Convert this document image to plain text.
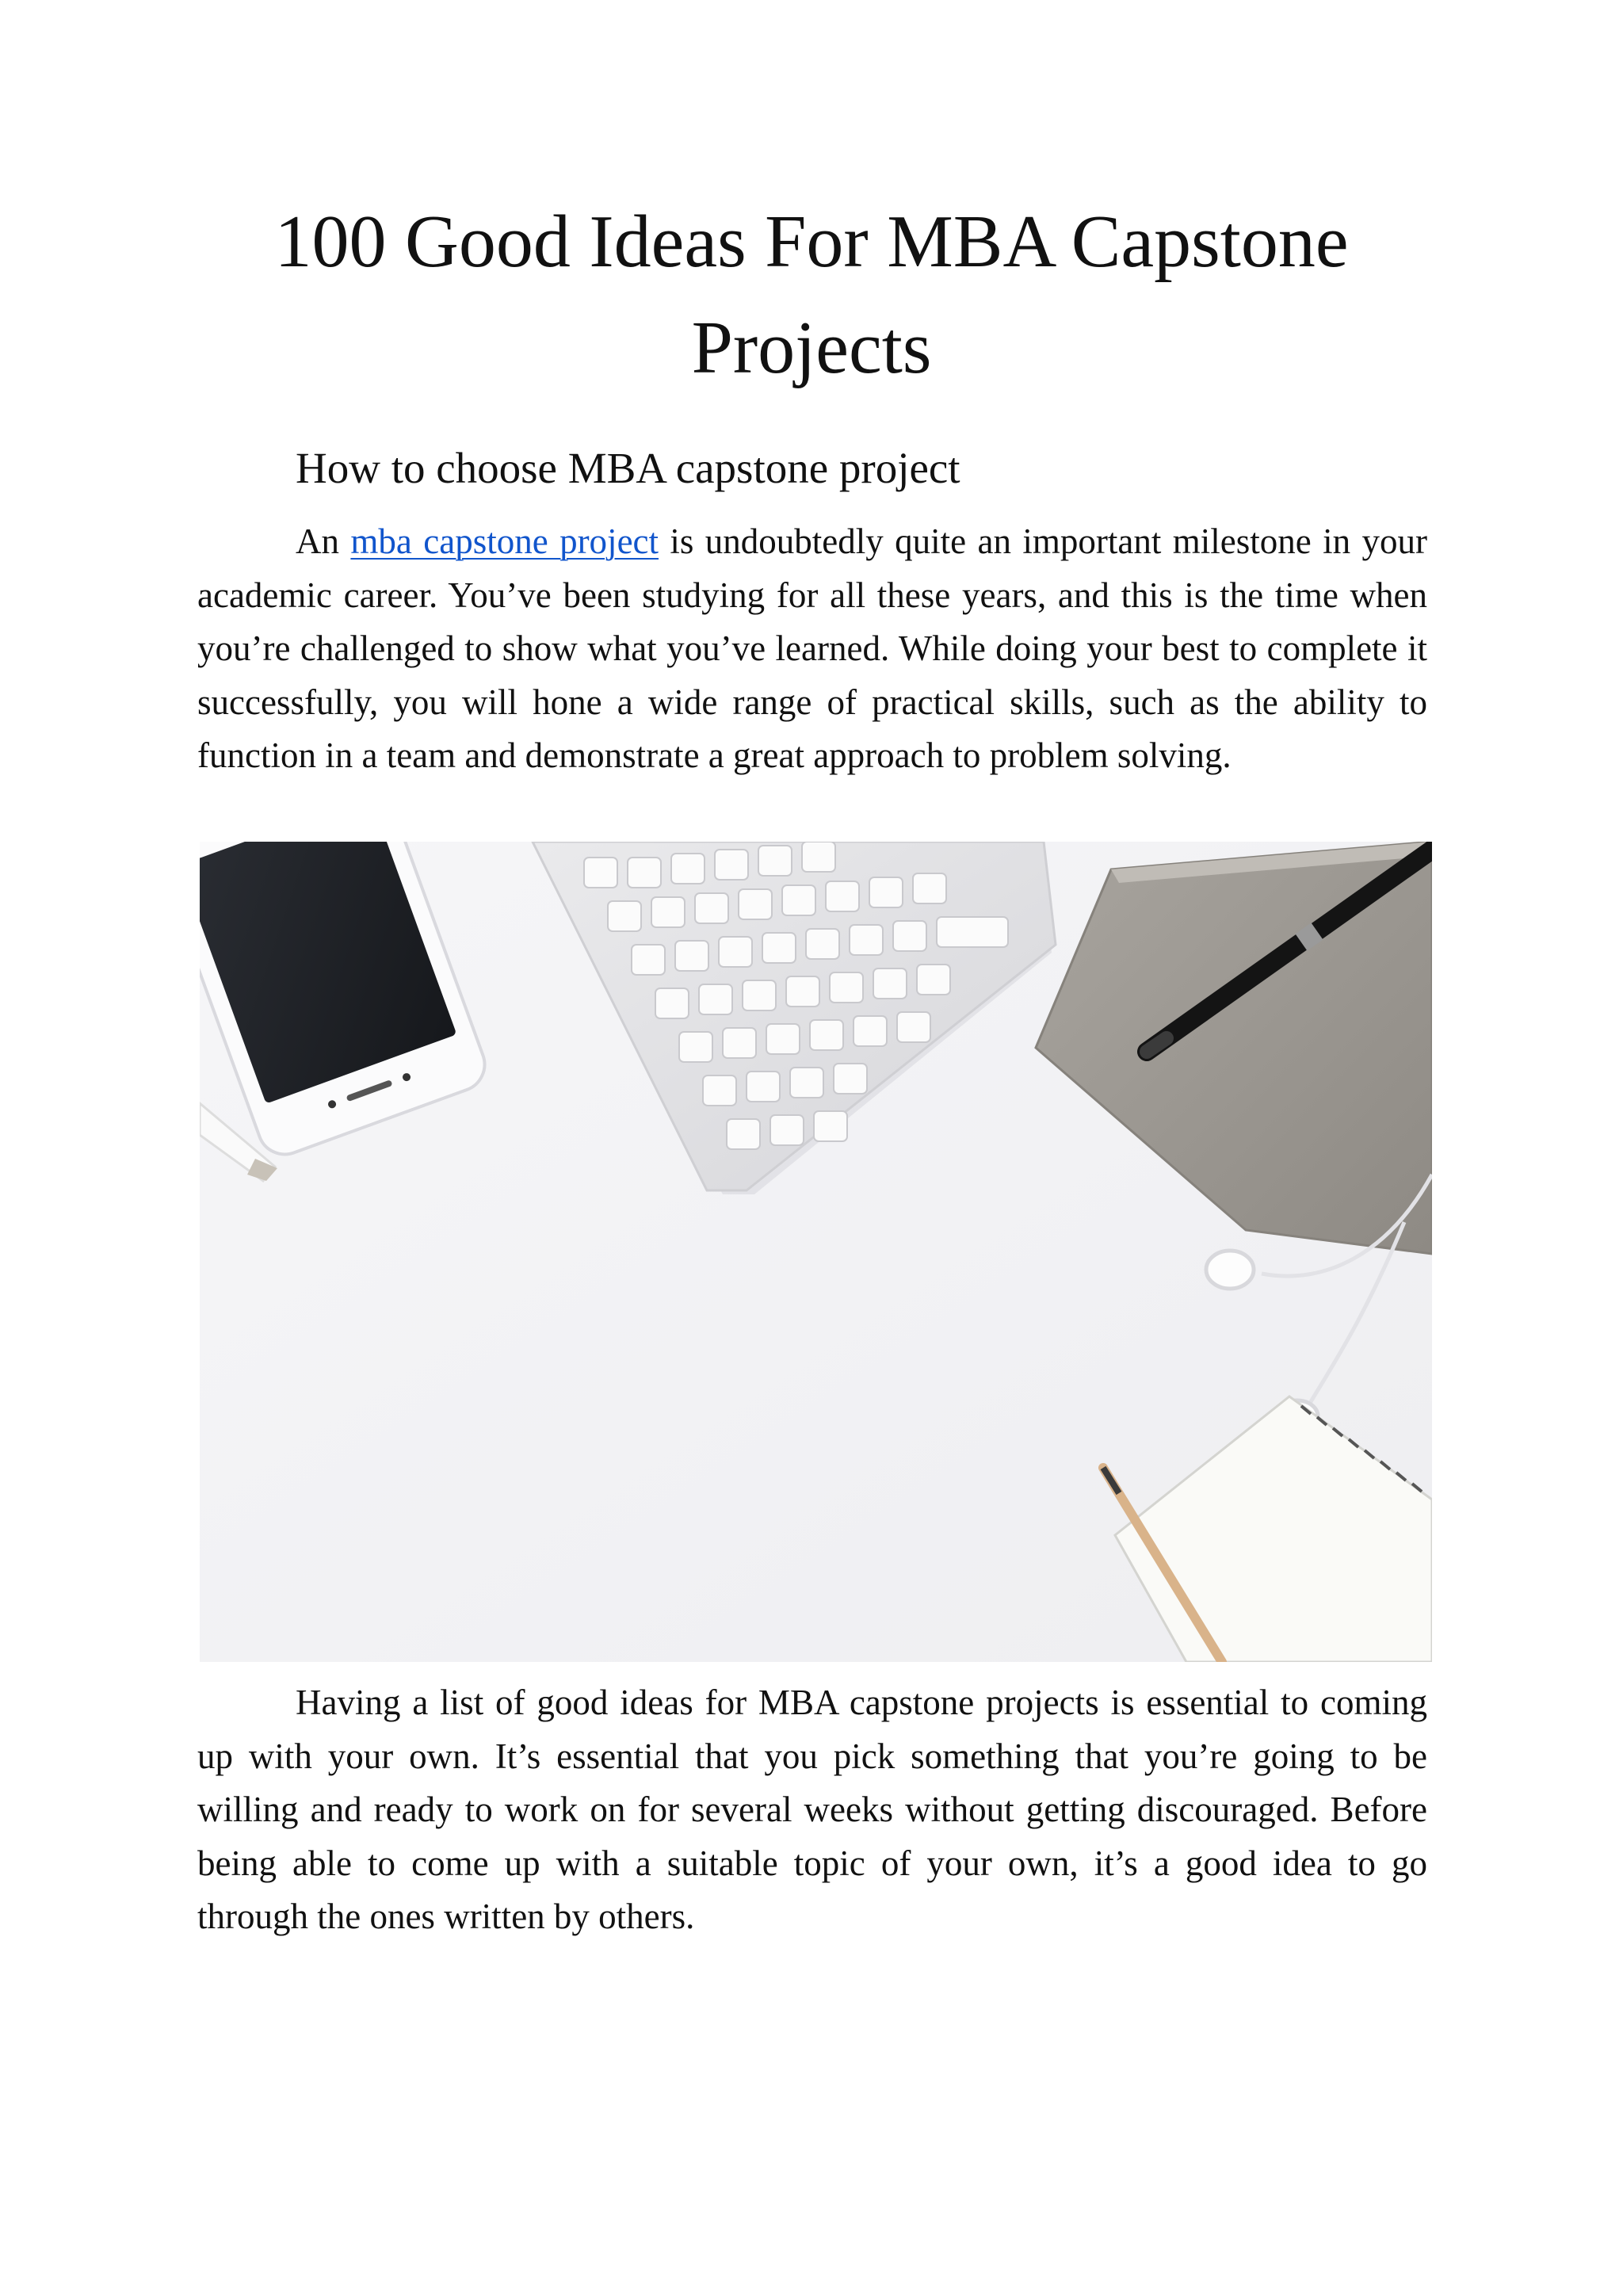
100 Good Ideas For MBA Capstone Projects
How to choose MBA capstone project

An mba capstone project is undoubtedly quite an important milestone in your academic career. You’ve been studying for all these years, and this is the time when you’re challenged to show what you’ve learned. While doing your best to complete it successfully, you will hone a wide range of practical skills, such as the ability to function in a team and demonstrate a great approach to problem solving.

Having a list of good ideas for MBA capstone projects is essential to coming up with your own. It’s essential that you pick something that you’re going to be willing and ready to work on for several weeks without getting discouraged. Before being able to come up with a suitable topic of your own, it’s a good idea to go through the ones written by others.
